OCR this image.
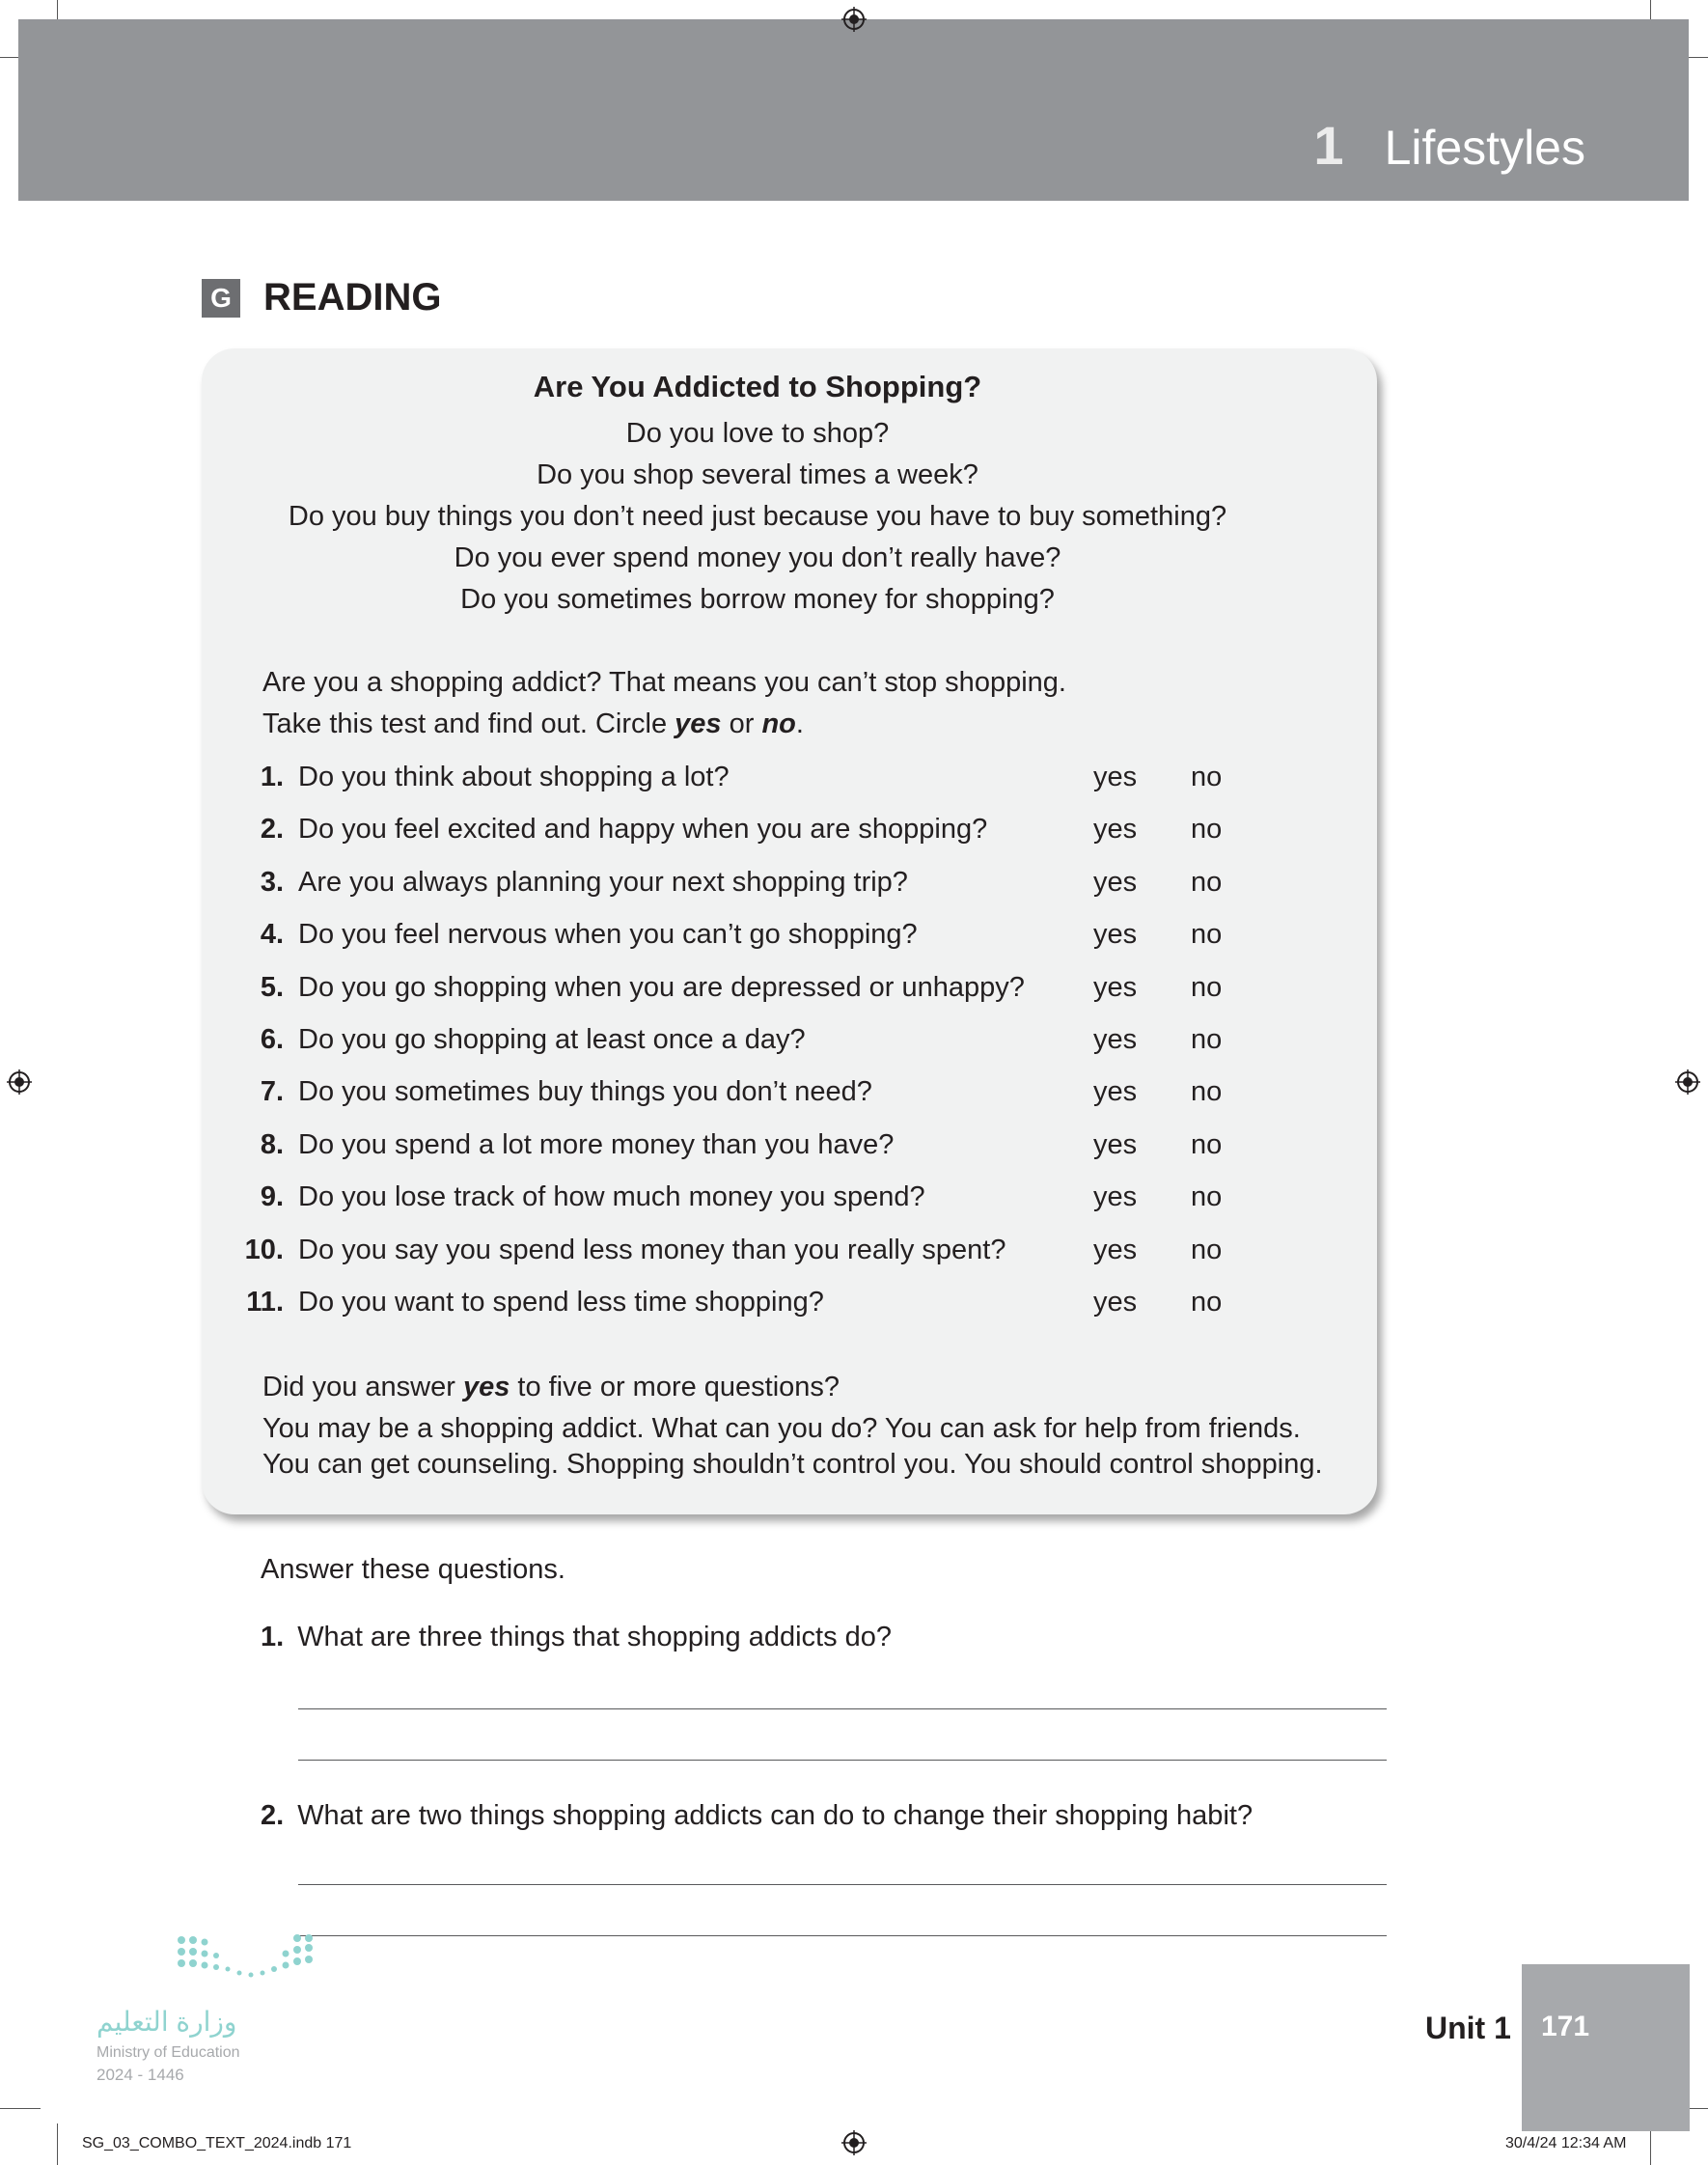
1 Lifestyles
G READING
Are You Addicted to Shopping?
Do you love to shop?
Do you shop several times a week?
Do you buy things you don’t need just because you have to buy something?
Do you ever spend money you don’t really have?
Do you sometimes borrow money for shopping?
Are you a shopping addict? That means you can’t stop shopping.
Take this test and find out. Circle yes or no.
1. Do you think about shopping a lot?	yes no
2. Do you feel excited and happy when you are shopping?	yes no
3. Are you always planning your next shopping trip?	yes no
4. Do you feel nervous when you can’t go shopping?	yes no
5. Do you go shopping when you are depressed or unhappy? yes no
6. Do you go shopping at least once a day?	yes no
7. Do you sometimes buy things you don’t need?	yes no
8. Do you spend a lot more money than you have?	yes no
9. Do you lose track of how much money you spend?	yes no
10. Do you say you spend less money than you really spent?	yes no
11. Do you want to spend less time shopping?	yes no
Did you answer yes to five or more questions?
You may be a shopping addict. What can you do? You can ask for help from friends.
You can get counseling. Shopping shouldn’t control you. You should control shopping.
Answer these questions.
1. What are three things that shopping addicts do?
2. What are two things shopping addicts can do to change their shopping habit?
وزارة التعليم
Ministry of Education
2024 - 1446
Unit 1 171
SG_03_COMBO_TEXT_2024.indb 171	30/4/24 12:34 AM
